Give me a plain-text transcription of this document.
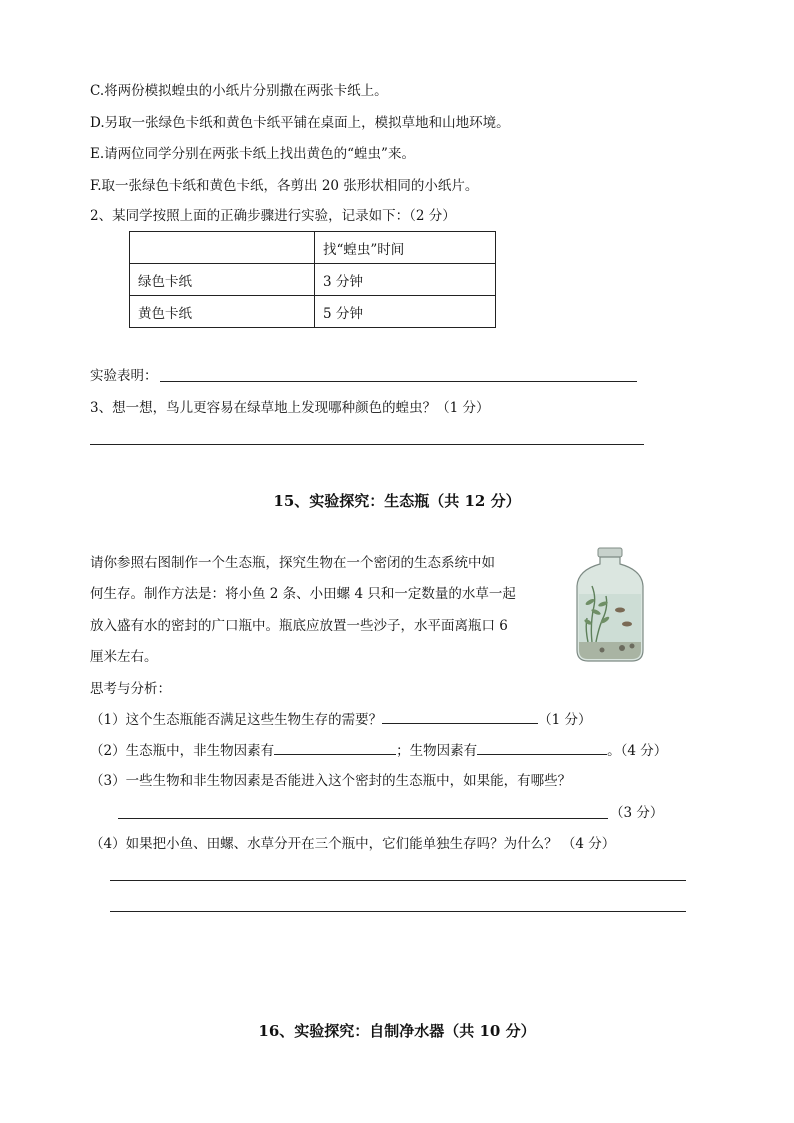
C.将两份模拟蝗虫的小纸片分别撒在两张卡纸上。
D.另取一张绿色卡纸和黄色卡纸平铺在桌面上，模拟草地和山地环境。
E.请两位同学分别在两张卡纸上找出黄色的“蝗虫”来。
F.取一张绿色卡纸和黄色卡纸，各剪出 20 张形状相同的小纸片。
2、某同学按照上面的正确步骤进行实验，记录如下：（2 分）
	找“蝗虫”时间
绿色卡纸	3 分钟
黄色卡纸	5 分钟
实验表明：
3、想一想，鸟儿更容易在绿草地上发现哪种颜色的蝗虫？（1 分）
15、实验探究：生态瓶（共 12 分）
请你参照右图制作一个生态瓶，探究生物在一个密闭的生态系统中如
何生存。制作方法是：将小鱼 2 条、小田螺 4 只和一定数量的水草一起
放入盛有水的密封的广口瓶中。瓶底应放置一些沙子，水平面离瓶口 6
厘米左右。
思考与分析：
（1）这个生态瓶能否满足这些生物生存的需要？	（1 分）
（2）生态瓶中，非生物因素有	；生物因素有	。（4 分）
（3）一些生物和非生物因素是否能进入这个密封的生态瓶中，如果能，有哪些？
（3 分）
（4）如果把小鱼、田螺、水草分开在三个瓶中，它们能单独生存吗？为什么？ （4 分）
16、实验探究：自制净水器（共 10 分）
